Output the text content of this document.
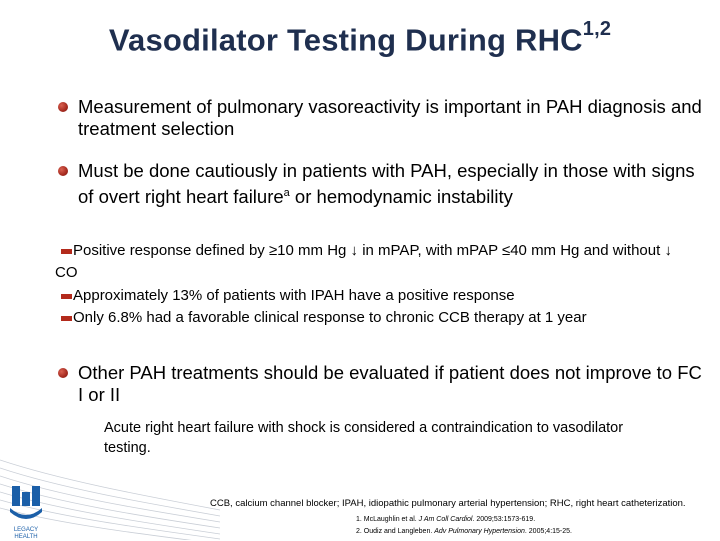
Vasodilator Testing During RHC$^{1,2}$
Measurement of pulmonary vasoreactivity is important in PAH diagnosis and treatment selection
Must be done cautiously in patients with PAH, especially in those with signs of overt right heart failure$^a$ or hemodynamic instability
Positive response defined by ≥10 mm Hg ↓ in mPAP, with mPAP ≤40 mm Hg and without ↓ CO
Approximately 13% of patients with IPAH have a positive response
Only 6.8% had a favorable clinical response to chronic CCB therapy at 1 year
Other PAH treatments should be evaluated if patient does not improve to FC I or II
Acute right heart failure with shock is considered a contraindication to vasodilator testing.
LEGACY HEALTH
CCB, calcium channel blocker; IPAH, idiopathic pulmonary arterial hypertension; RHC, right heart catheterization.
1. McLaughlin et al. J Am Coll Cardiol. 2009;53:1573-619.
2. Oudiz and Langleben. Adv Pulmonary Hypertension. 2005;4:15-25.
